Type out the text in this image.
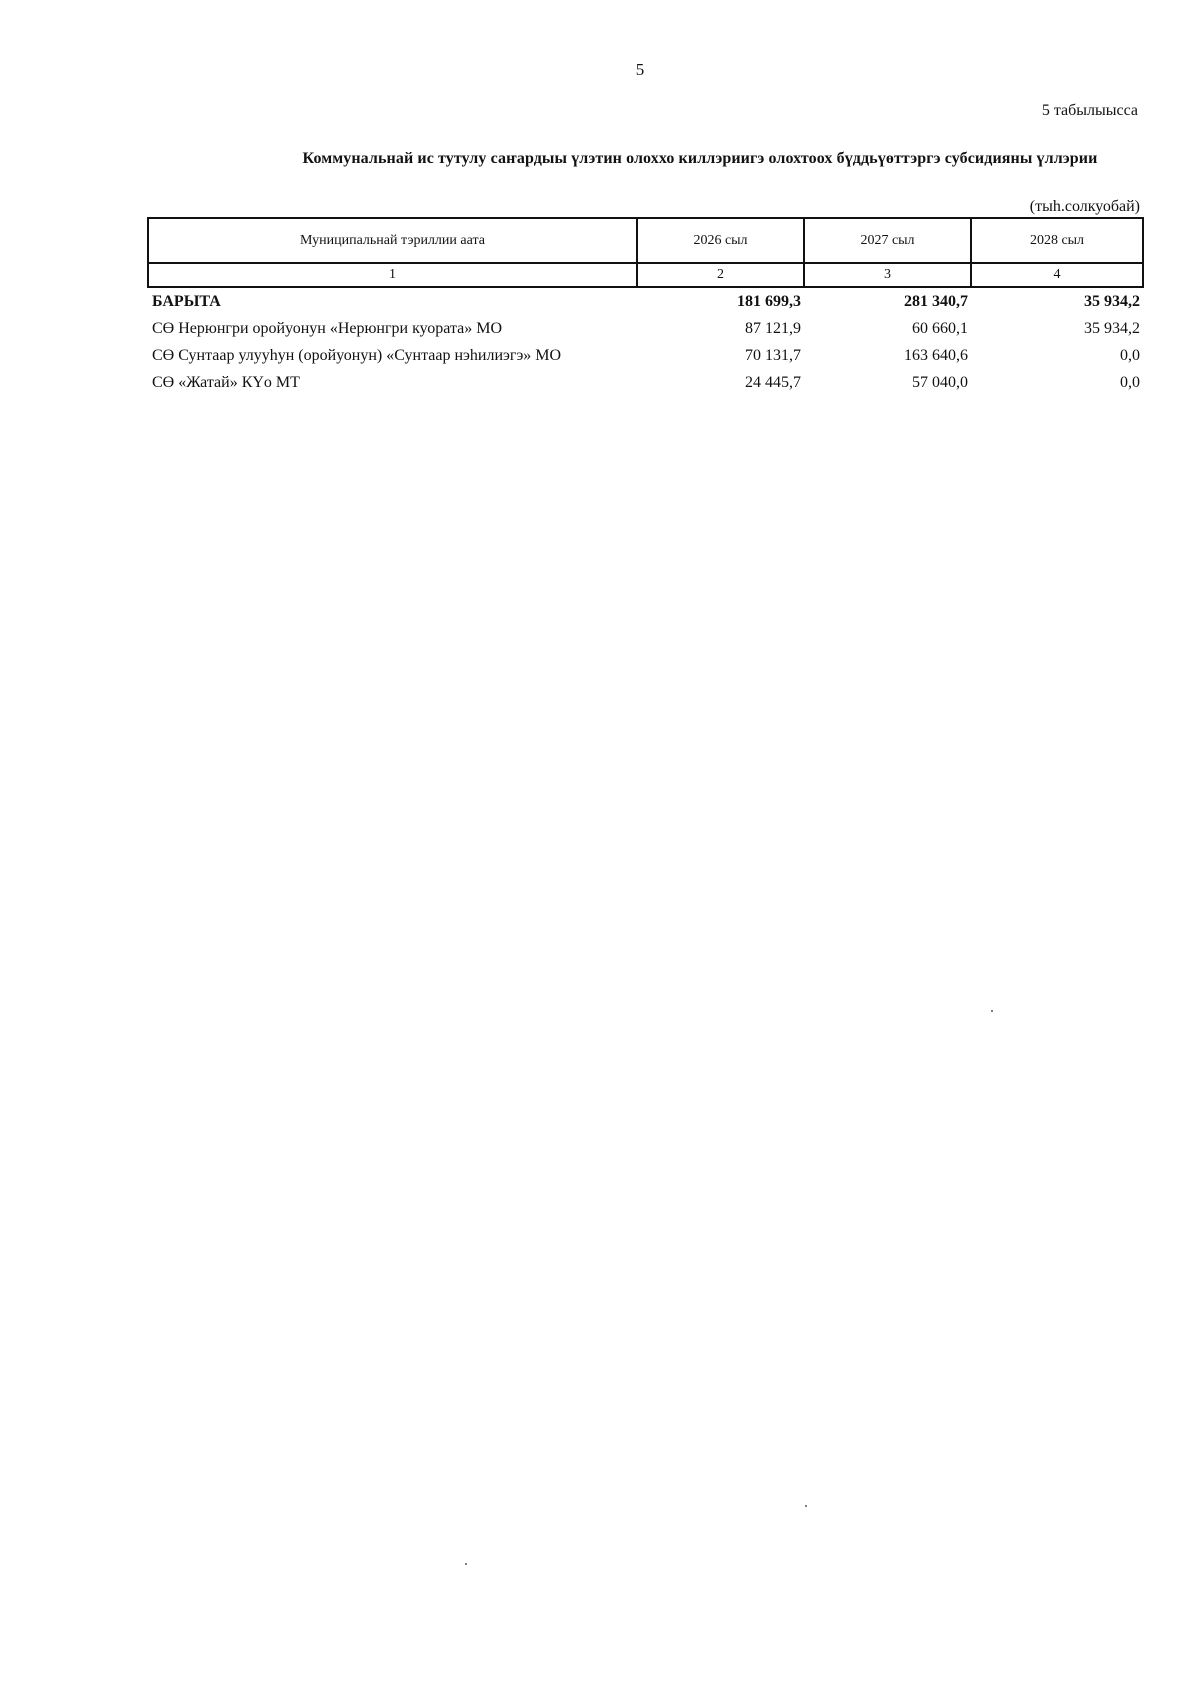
5
5 табылыысса
Коммунальнай ис тутулу саҥардыы үлэтин олоххо киллэриигэ олохтоох бүддьүөттэргэ субсидияны үллэрии
(тыһ.солкуобай)
Муниципальнай тэриллии аата	2026 сыл	2027 сыл	2028 сыл
1	2	3	4
БАРЫТА	181 699,3	281 340,7	35 934,2
СӨ Нерюнгри оройуонун «Нерюнгри куората» МО	87 121,9	60 660,1	35 934,2
СӨ Сунтаар улууһун (оройуонун) «Сунтаар нэһилиэгэ» МО	70 131,7	163 640,6	0,0
СӨ «Жатай» КҮо МТ	24 445,7	57 040,0	0,0
